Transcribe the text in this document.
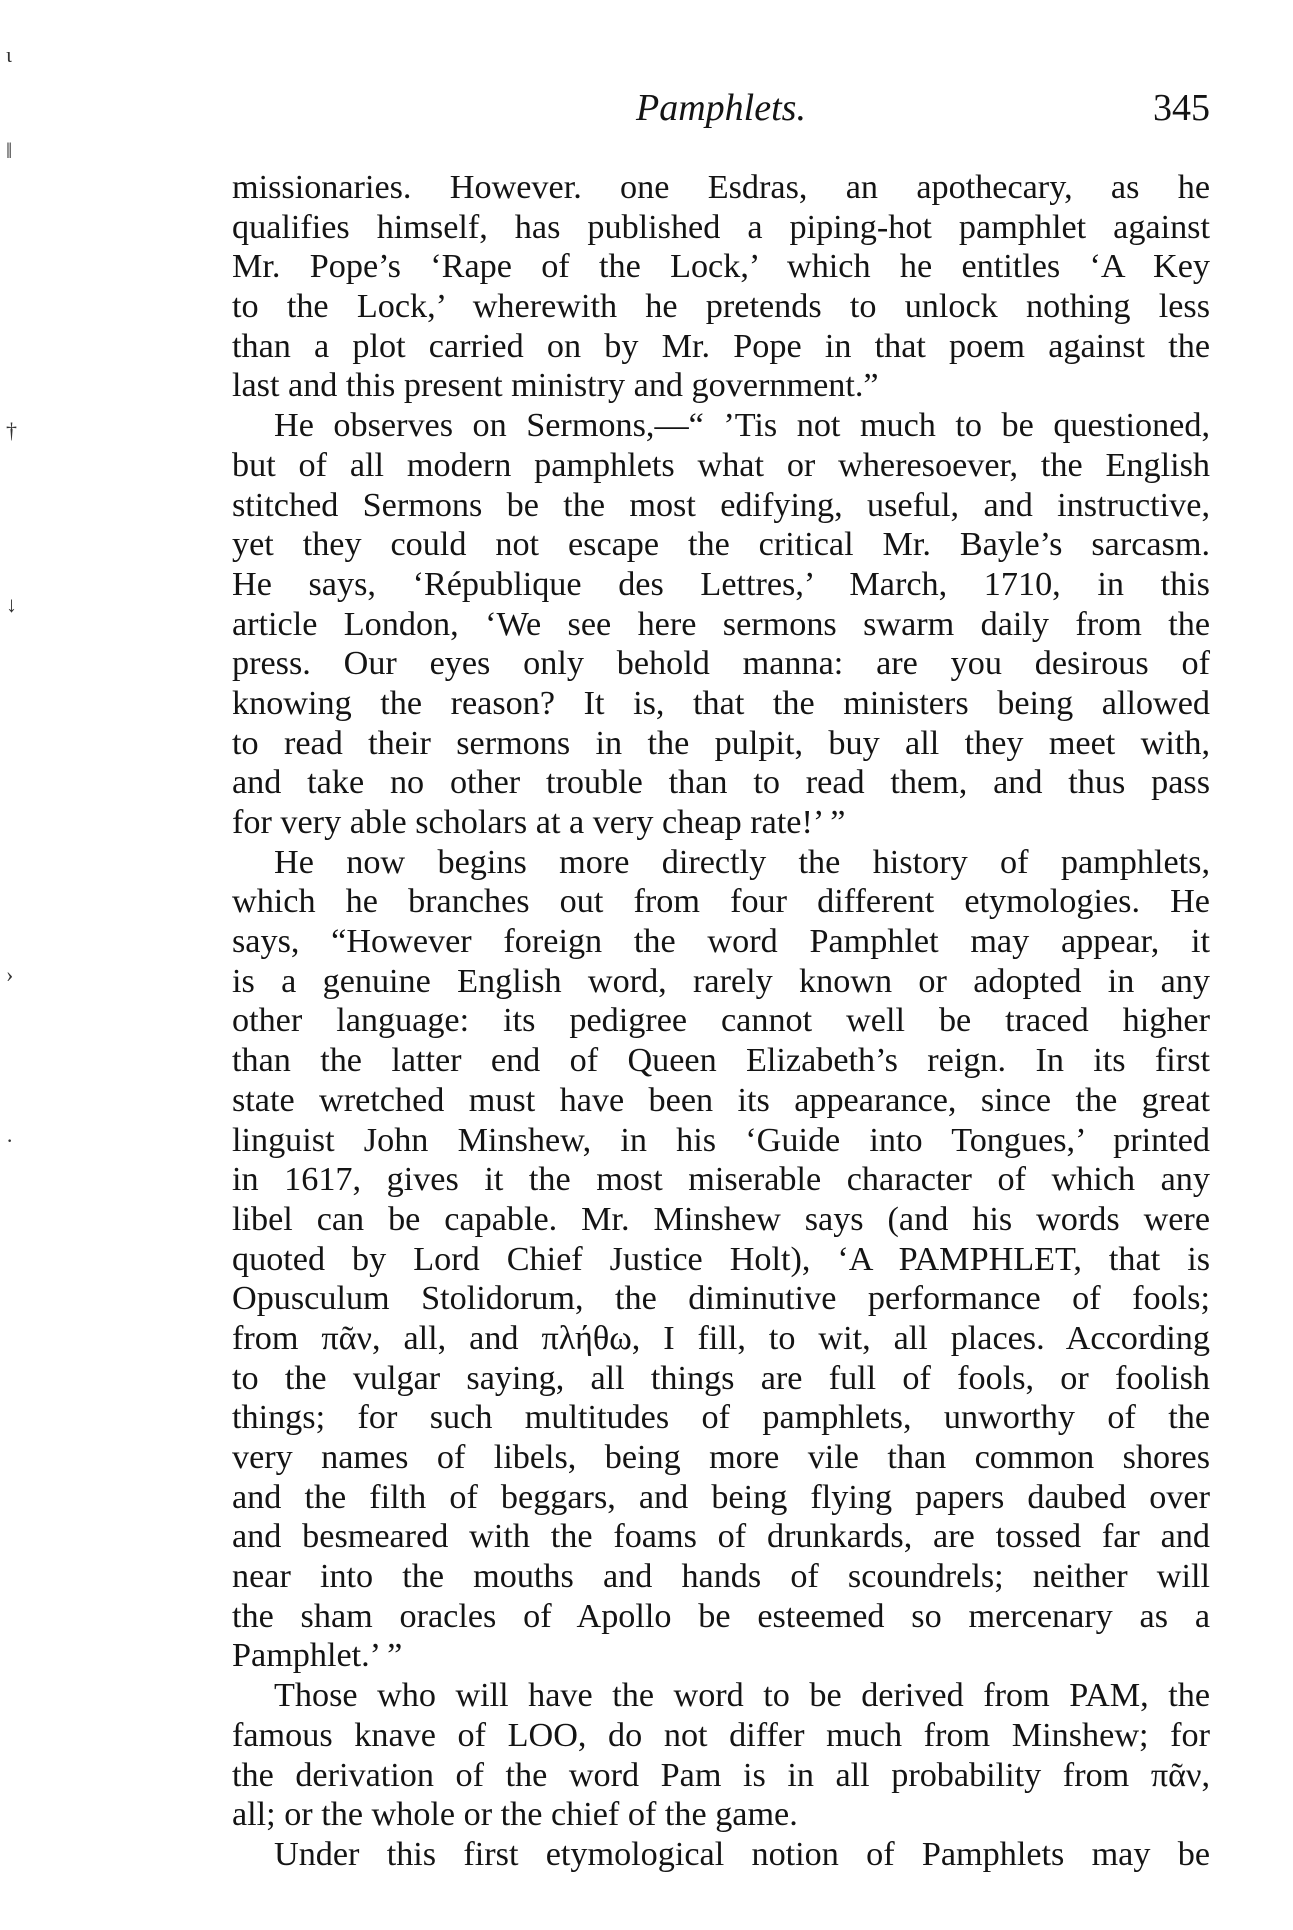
ɩ
‖
†
↓
›
·
Pamphlets.	345
missionaries. However. one Esdras, an apothecary, as he
qualifies himself, has published a piping-hot pamphlet against
Mr. Pope’s ‘Rape of the Lock,’ which he entitles ‘A Key
to the Lock,’ wherewith he pretends to unlock nothing less
than a plot carried on by Mr. Pope in that poem against the
last and this present ministry and government.”
He observes on Sermons,—“ ’Tis not much to be questioned,
but of all modern pamphlets what or wheresoever, the English
stitched Sermons be the most edifying, useful, and instructive,
yet they could not escape the critical Mr. Bayle’s sarcasm.
He says, ‘République des Lettres,’ March, 1710, in this
article London, ‘We see here sermons swarm daily from the
press. Our eyes only behold manna: are you desirous of
knowing the reason? It is, that the ministers being allowed
to read their sermons in the pulpit, buy all they meet with,
and take no other trouble than to read them, and thus pass
for very able scholars at a very cheap rate!’ ”
He now begins more directly the history of pamphlets,
which he branches out from four different etymologies. He
says, “However foreign the word Pamphlet may appear, it
is a genuine English word, rarely known or adopted in any
other language: its pedigree cannot well be traced higher
than the latter end of Queen Elizabeth’s reign. In its first
state wretched must have been its appearance, since the great
linguist John Minshew, in his ‘Guide into Tongues,’ printed
in 1617, gives it the most miserable character of which any
libel can be capable. Mr. Minshew says (and his words were
quoted by Lord Chief Justice Holt), ‘A PAMPHLET, that is
Opusculum Stolidorum, the diminutive performance of fools;
from πᾶν, all, and πλήθω, I fill, to wit, all places. According
to the vulgar saying, all things are full of fools, or foolish
things; for such multitudes of pamphlets, unworthy of the
very names of libels, being more vile than common shores
and the filth of beggars, and being flying papers daubed over
and besmeared with the foams of drunkards, are tossed far and
near into the mouths and hands of scoundrels; neither will
the sham oracles of Apollo be esteemed so mercenary as a
Pamphlet.’ ”
Those who will have the word to be derived from PAM, the
famous knave of LOO, do not differ much from Minshew; for
the derivation of the word Pam is in all probability from πᾶν,
all; or the whole or the chief of the game.
Under this first etymological notion of Pamphlets may be
